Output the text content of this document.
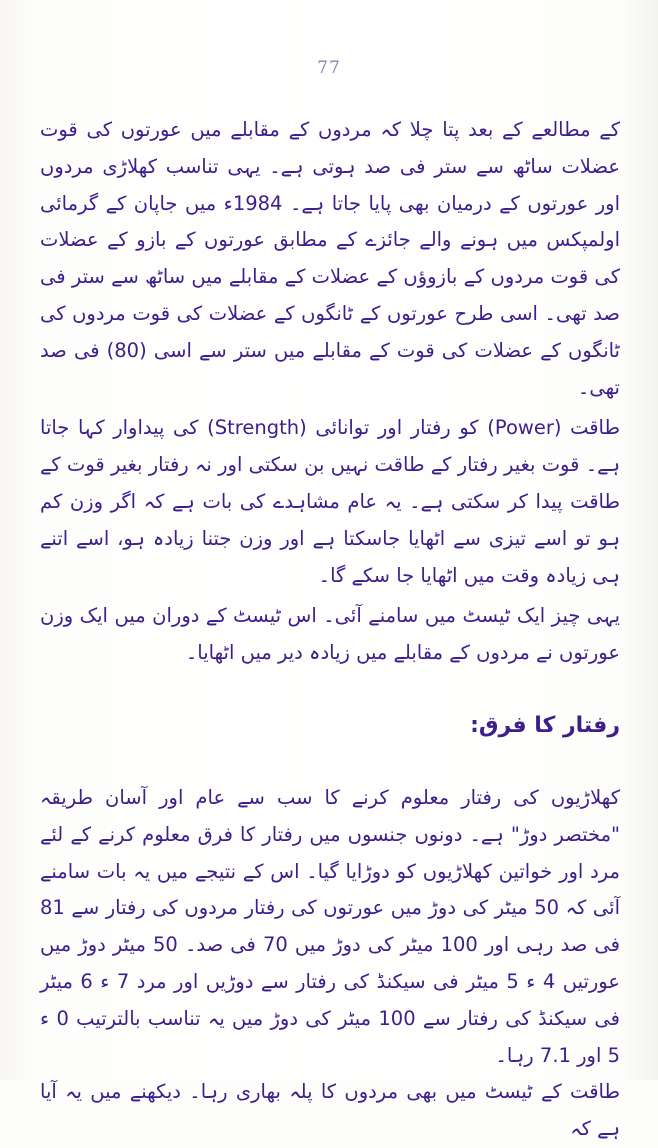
77

کے مطالعے کے بعد پتا چلا کہ مردوں کے مقابلے میں عورتوں کی قوت عضلات ساٹھ سے ستر فی صد ہوتی ہے۔ یہی تناسب کھلاڑی مردوں اور عورتوں کے درمیان بھی پایا جاتا ہے۔ 1984ء میں جاپان کے گرمائی اولمپکس میں ہونے والے جائزے کے مطابق عورتوں کے بازو کے عضلات کی قوت مردوں کے بازوؤں کے عضلات کے مقابلے میں ساٹھ سے ستر فی صد تھی۔ اسی طرح عورتوں کے ٹانگوں کے عضلات کی قوت مردوں کی ٹانگوں کے عضلات کی قوت کے مقابلے میں ستر سے اسی (80) فی صد تھی۔

طاقت (Power) کو رفتار اور توانائی (Strength) کی پیداوار کہا جاتا ہے۔ قوت بغیر رفتار کے طاقت نہیں بن سکتی اور نہ رفتار بغیر قوت کے طاقت پیدا کر سکتی ہے۔ یہ عام مشاہدے کی بات ہے کہ اگر وزن کم ہو تو اسے تیزی سے اٹھایا جاسکتا ہے اور وزن جتنا زیادہ ہو، اسے اتنے ہی زیادہ وقت میں اٹھایا جا سکے گا۔

یہی چیز ایک ٹیسٹ میں سامنے آئی۔ اس ٹیسٹ کے دوران میں ایک وزن عورتوں نے مردوں کے مقابلے میں زیادہ دیر میں اٹھایا۔

رفتار کا فرق:

کھلاڑیوں کی رفتار معلوم کرنے کا سب سے عام اور آسان طریقہ "مختصر دوڑ" ہے۔ دونوں جنسوں میں رفتار کا فرق معلوم کرنے کے لئے مرد اور خواتین کھلاڑیوں کو دوڑایا گیا۔ اس کے نتیجے میں یہ بات سامنے آئی کہ 50 میٹر کی دوڑ میں عورتوں کی رفتار مردوں کی رفتار سے 81 فی صد رہی اور 100 میٹر کی دوڑ میں 70 فی صد۔ 50 میٹر دوڑ میں عورتیں 4 ء 5 میٹر فی سیکنڈ کی رفتار سے دوڑیں اور مرد 7 ء 6 میٹر فی سیکنڈ کی رفتار سے 100 میٹر کی دوڑ میں یہ تناسب بالترتیب 0 ء 5 اور 7.1 رہا۔

طاقت کے ٹیسٹ میں بھی مردوں کا پلہ بھاری رہا۔ دیکھنے میں یہ آیا ہے کہ
